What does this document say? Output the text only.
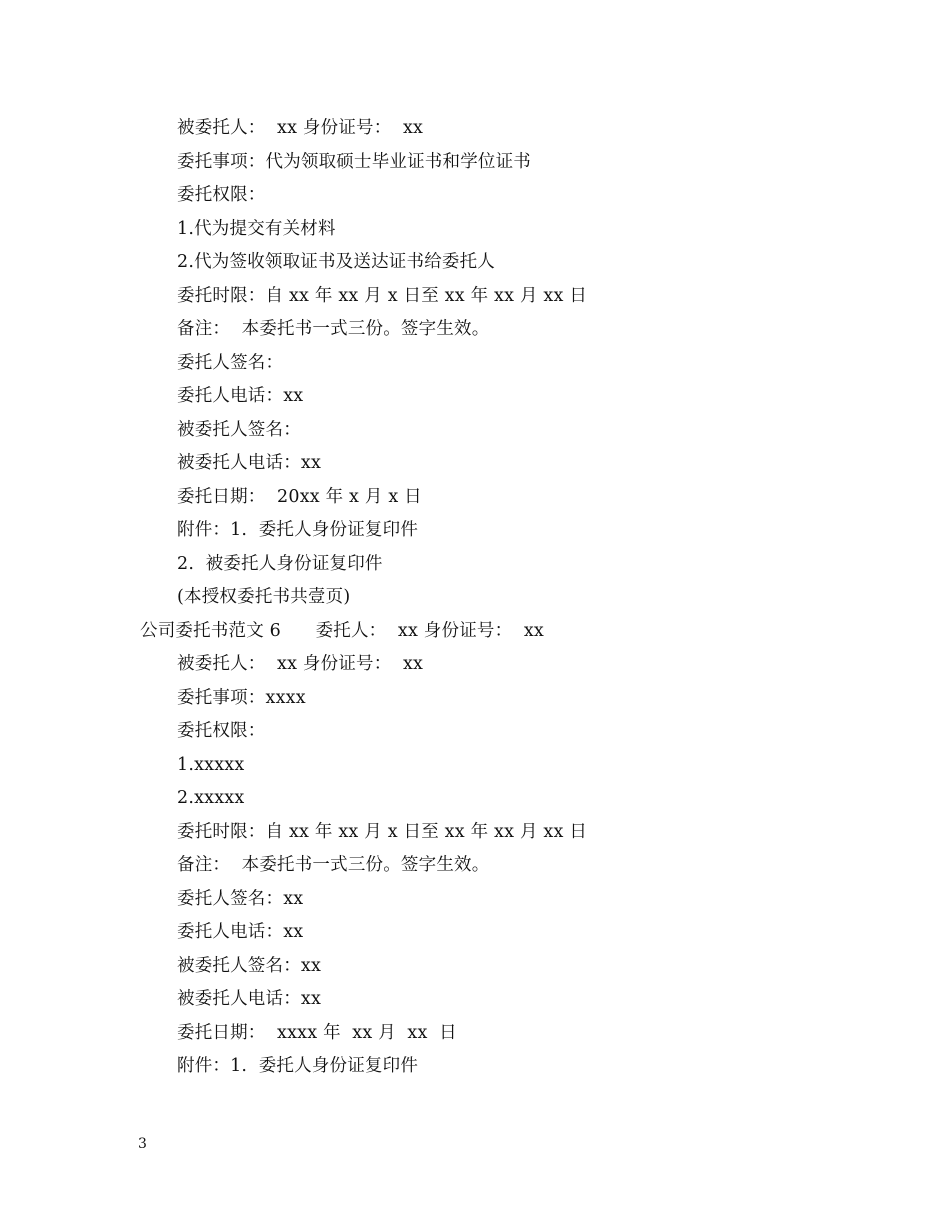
被委托人：  xx 身份证号：  xx
委托事项：代为领取硕士毕业证书和学位证书
委托权限：
1.代为提交有关材料
2.代为签收领取证书及送达证书给委托人
委托时限：自 xx 年 xx 月 x 日至 xx 年 xx 月 xx 日
备注：  本委托书一式三份。签字生效。
委托人签名：
委托人电话：xx
被委托人签名：
被委托人电话：xx
委托日期：  20xx 年 x 月 x 日
附件：1.  委托人身份证复印件
2.  被委托人身份证复印件
(本授权委托书共壹页)
公司委托书范文 6      委托人：  xx 身份证号：  xx
被委托人：  xx 身份证号：  xx
委托事项：xxxx
委托权限：
1.xxxxx
2.xxxxx
委托时限：自 xx 年 xx 月 x 日至 xx 年 xx 月 xx 日
备注：  本委托书一式三份。签字生效。
委托人签名：xx
委托人电话：xx
被委托人签名：xx
被委托人电话：xx
委托日期：  xxxx 年  xx 月  xx  日
附件：1.  委托人身份证复印件
3
